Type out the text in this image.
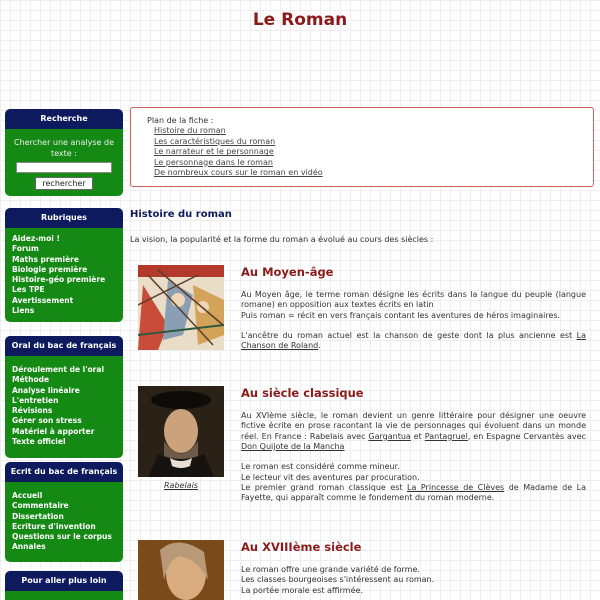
Le Roman
Recherche
Chercher une analyse de texte :
rechercher
Rubriques
Aidez-moi !
Forum
Maths première
Biologie première
Histoire-géo première
Les TPE
Avertissement
Liens
Oral du bac de français
Déroulement de l'oral
Méthode
Analyse linéaire
L'entretien
Révisions
Gérer son stress
Matériel à apporter
Texte officiel
Ecrit du bac de français
Accueil
Commentaire
Dissertation
Ecriture d'invention
Questions sur le corpus
Annales
Pour aller plus loin
Plan de la fiche :
Histoire du roman
Les caractéristiques du roman
Le narrateur et le personnage
Le personnage dans le roman
De nombreux cours sur le roman en vidéo
Histoire du roman
La vision, la popularité et la forme du roman a évolué au cours des siècles :
Au Moyen-âge

Au Moyen âge, le terme roman désigne les écrits dans la langue du peuple (langue romane) en opposition aux textes écrits en latin

Puis roman = récit en vers français contant les aventures de héros imaginaires.

L'ancêtre du roman actuel est la chanson de geste dont la plus ancienne est La Chanson de Roland.

Rabelais
Au siècle classique

Au XVIème siècle, le roman devient un genre littéraire pour désigner une oeuvre fictive écrite en prose racontant la vie de personnages qui évoluent dans un monde réel. En France : Rabelais avec Gargantua et Pantagruel, en Espagne Cervantès avec Don Quijote de la Mancha

Le roman est considéré comme mineur.

Le lecteur vit des aventures par procuration.

Le premier grand roman classique est La Princesse de Clèves de Madame de La Fayette, qui apparaît comme le fondement du roman moderne.

Au XVIIIème siècle

Le roman offre une grande variété de forme.

Les classes bourgeoises s'intéressent au roman.

La portée morale est affirmée.
